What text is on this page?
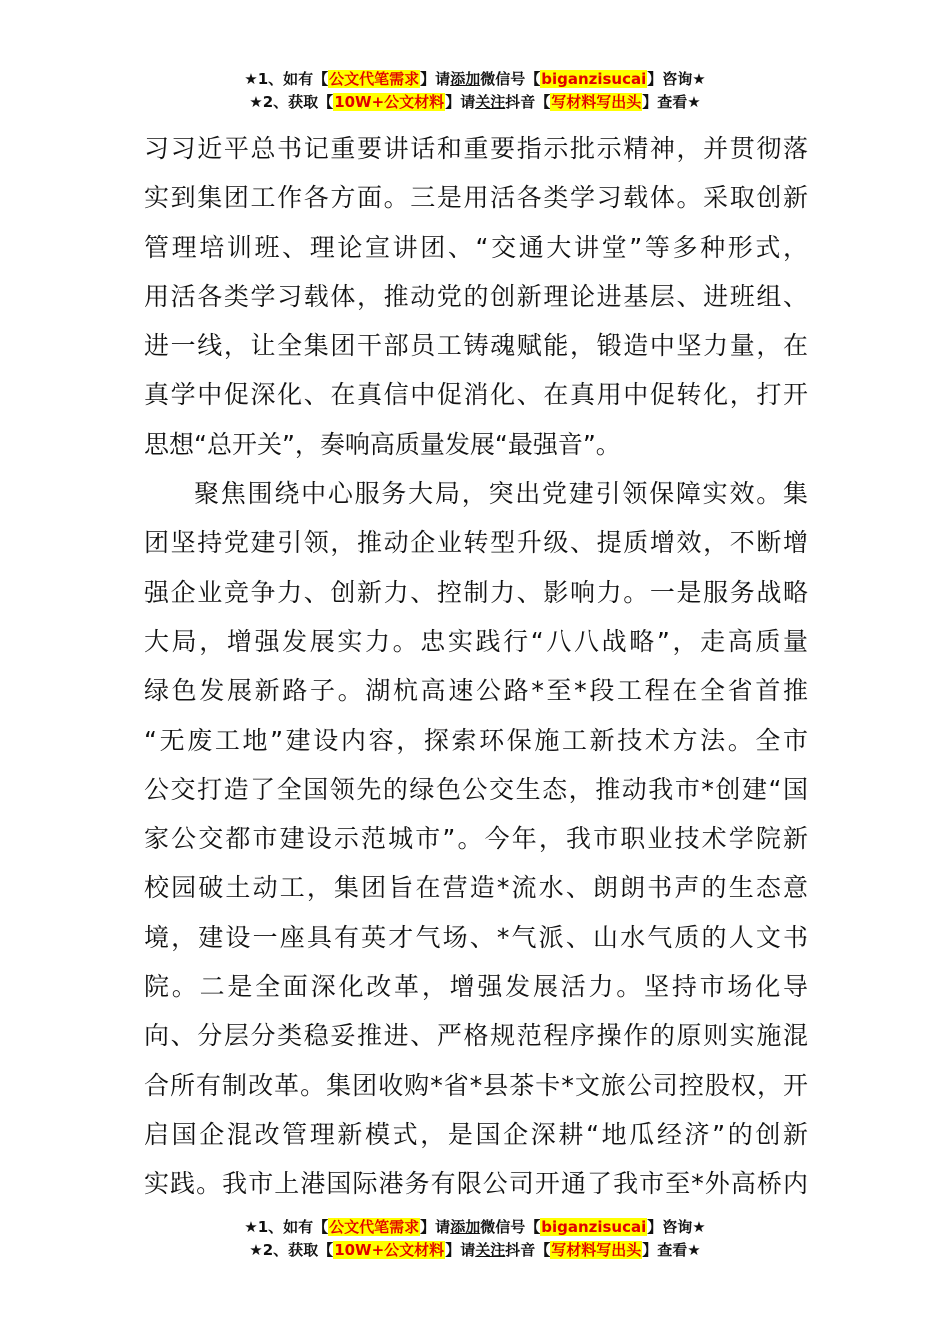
★1、如有【公文代笔需求】请添加微信号【biganzisucai】咨询★
★2、获取【10W+公文材料】请关注抖音【写材料写出头】查看★
习习近平总书记重要讲话和重要指示批示精神，并贯彻落
实到集团工作各方面。三是用活各类学习载体。采取创新
管理培训班、理论宣讲团、“交通大讲堂”等多种形式，
用活各类学习载体，推动党的创新理论进基层、进班组、
进一线，让全集团干部员工铸魂赋能，锻造中坚力量，在
真学中促深化、在真信中促消化、在真用中促转化，打开
思想“总开关”，奏响高质量发展“最强音”。
聚焦围绕中心服务大局，突出党建引领保障实效。集
团坚持党建引领，推动企业转型升级、提质增效，不断增
强企业竞争力、创新力、控制力、影响力。一是服务战略
大局，增强发展实力。忠实践行“八八战略”，走高质量
绿色发展新路子。湖杭高速公路*至*段工程在全省首推
“无废工地”建设内容，探索环保施工新技术方法。全市
公交打造了全国领先的绿色公交生态，推动我市*创建“国
家公交都市建设示范城市”。今年，我市职业技术学院新
校园破土动工，集团旨在营造*流水、朗朗书声的生态意
境，建设一座具有英才气场、*气派、山水气质的人文书
院。二是全面深化改革，增强发展活力。坚持市场化导
向、分层分类稳妥推进、严格规范程序操作的原则实施混
合所有制改革。集团收购*省*县茶卡*文旅公司控股权，开
启国企混改管理新模式，是国企深耕“地瓜经济”的创新
实践。我市上港国际港务有限公司开通了我市至*外高桥内
★1、如有【公文代笔需求】请添加微信号【biganzisucai】咨询★
★2、获取【10W+公文材料】请关注抖音【写材料写出头】查看★
